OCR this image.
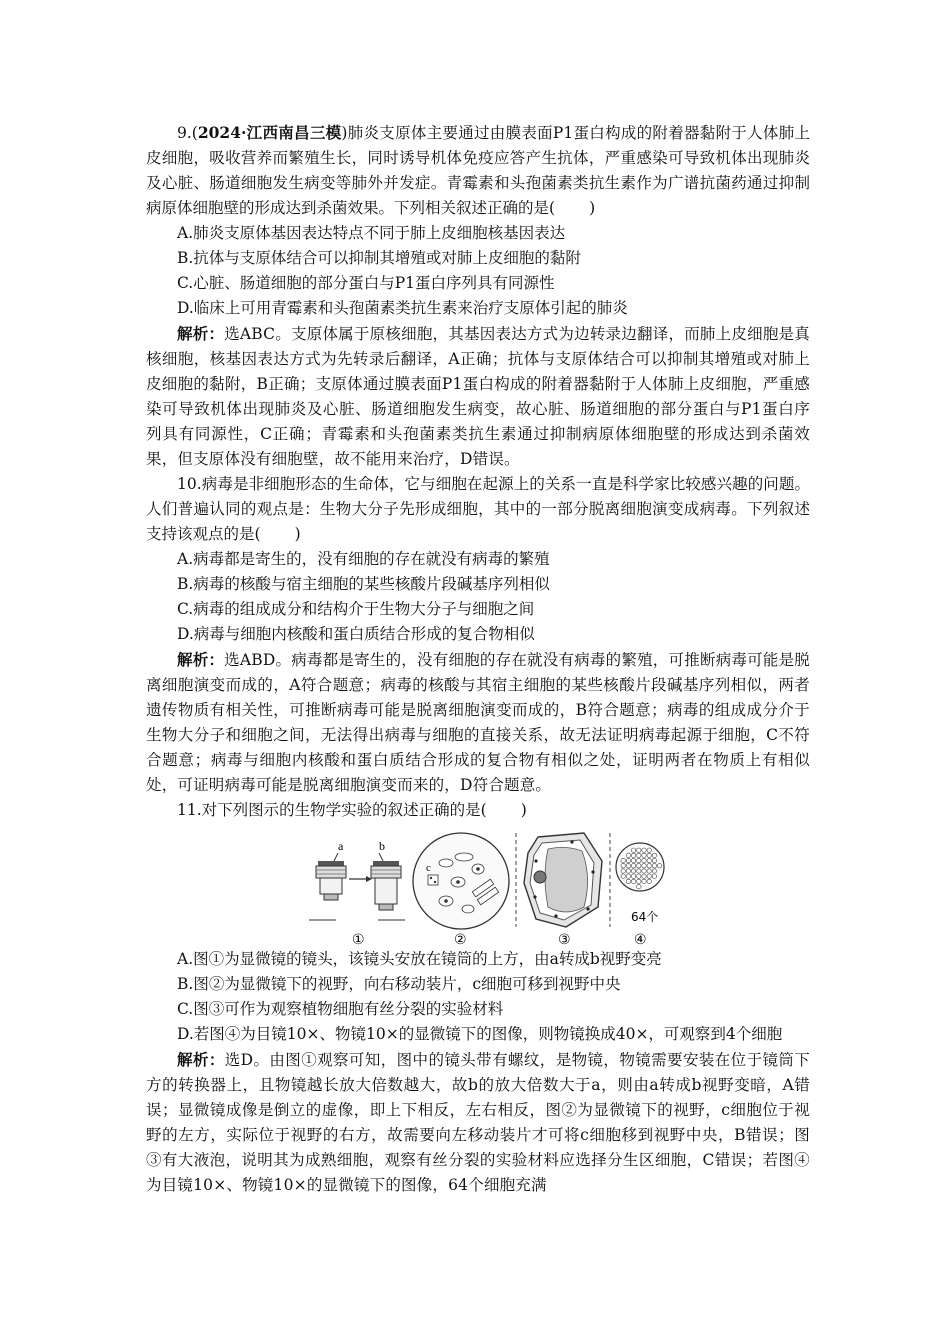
9.(2024·江西南昌三模)肺炎支原体主要通过由膜表面P1蛋白构成的附着器黏附于人体肺上皮细胞，吸收营养而繁殖生长，同时诱导机体免疫应答产生抗体，严重感染可导致机体出现肺炎及心脏、肠道细胞发生病变等肺外并发症。青霉素和头孢菌素类抗生素作为广谱抗菌药通过抑制病原体细胞壁的形成达到杀菌效果。下列相关叙述正确的是( )

A.肺炎支原体基因表达特点不同于肺上皮细胞核基因表达

B.抗体与支原体结合可以抑制其增殖或对肺上皮细胞的黏附

C.心脏、肠道细胞的部分蛋白与P1蛋白序列具有同源性

D.临床上可用青霉素和头孢菌素类抗生素来治疗支原体引起的肺炎

解析：选ABC。支原体属于原核细胞，其基因表达方式为边转录边翻译，而肺上皮细胞是真核细胞，核基因表达方式为先转录后翻译，A正确；抗体与支原体结合可以抑制其增殖或对肺上皮细胞的黏附，B正确；支原体通过膜表面P1蛋白构成的附着器黏附于人体肺上皮细胞，严重感染可导致机体出现肺炎及心脏、肠道细胞发生病变，故心脏、肠道细胞的部分蛋白与P1蛋白序列具有同源性，C正确；青霉素和头孢菌素类抗生素通过抑制病原体细胞壁的形成达到杀菌效果，但支原体没有细胞壁，故不能用来治疗，D错误。

10.病毒是非细胞形态的生命体，它与细胞在起源上的关系一直是科学家比较感兴趣的问题。人们普遍认同的观点是：生物大分子先形成细胞，其中的一部分脱离细胞演变成病毒。下列叙述支持该观点的是( )

A.病毒都是寄生的，没有细胞的存在就没有病毒的繁殖

B.病毒的核酸与宿主细胞的某些核酸片段碱基序列相似

C.病毒的组成成分和结构介于生物大分子与细胞之间

D.病毒与细胞内核酸和蛋白质结合形成的复合物相似

解析：选ABD。病毒都是寄生的，没有细胞的存在就没有病毒的繁殖，可推断病毒可能是脱离细胞演变而成的，A符合题意；病毒的核酸与其宿主细胞的某些核酸片段碱基序列相似，两者遗传物质有相关性，可推断病毒可能是脱离细胞演变而成的，B符合题意；病毒的组成成分介于生物大分子和细胞之间，无法得出病毒与细胞的直接关系，故无法证明病毒起源于细胞，C不符合题意；病毒与细胞内核酸和蛋白质结合形成的复合物有相似之处，证明两者在物质上有相似处，可证明病毒可能是脱离细胞演变而来的，D符合题意。

11.对下列图示的生物学实验的叙述正确的是( )

a	b
①
c
②	③
64个
④

A.图①为显微镜的镜头，该镜头安放在镜筒的上方，由a转成b视野变亮

B.图②为显微镜下的视野，向右移动装片，c细胞可移到视野中央

C.图③可作为观察植物细胞有丝分裂的实验材料

D.若图④为目镜10×、物镜10×的显微镜下的图像，则物镜换成40×，可观察到4个细胞

解析：选D。由图①观察可知，图中的镜头带有螺纹，是物镜，物镜需要安装在位于镜筒下方的转换器上，且物镜越长放大倍数越大，故b的放大倍数大于a，则由a转成b视野变暗，A错误；显微镜成像是倒立的虚像，即上下相反，左右相反，图②为显微镜下的视野，c细胞位于视野的左方，实际位于视野的右方，故需要向左移动装片才可将c细胞移到视野中央，B错误；图③有大液泡，说明其为成熟细胞，观察有丝分裂的实验材料应选择分生区细胞，C错误；若图④为目镜10×、物镜10×的显微镜下的图像，64个细胞充满
